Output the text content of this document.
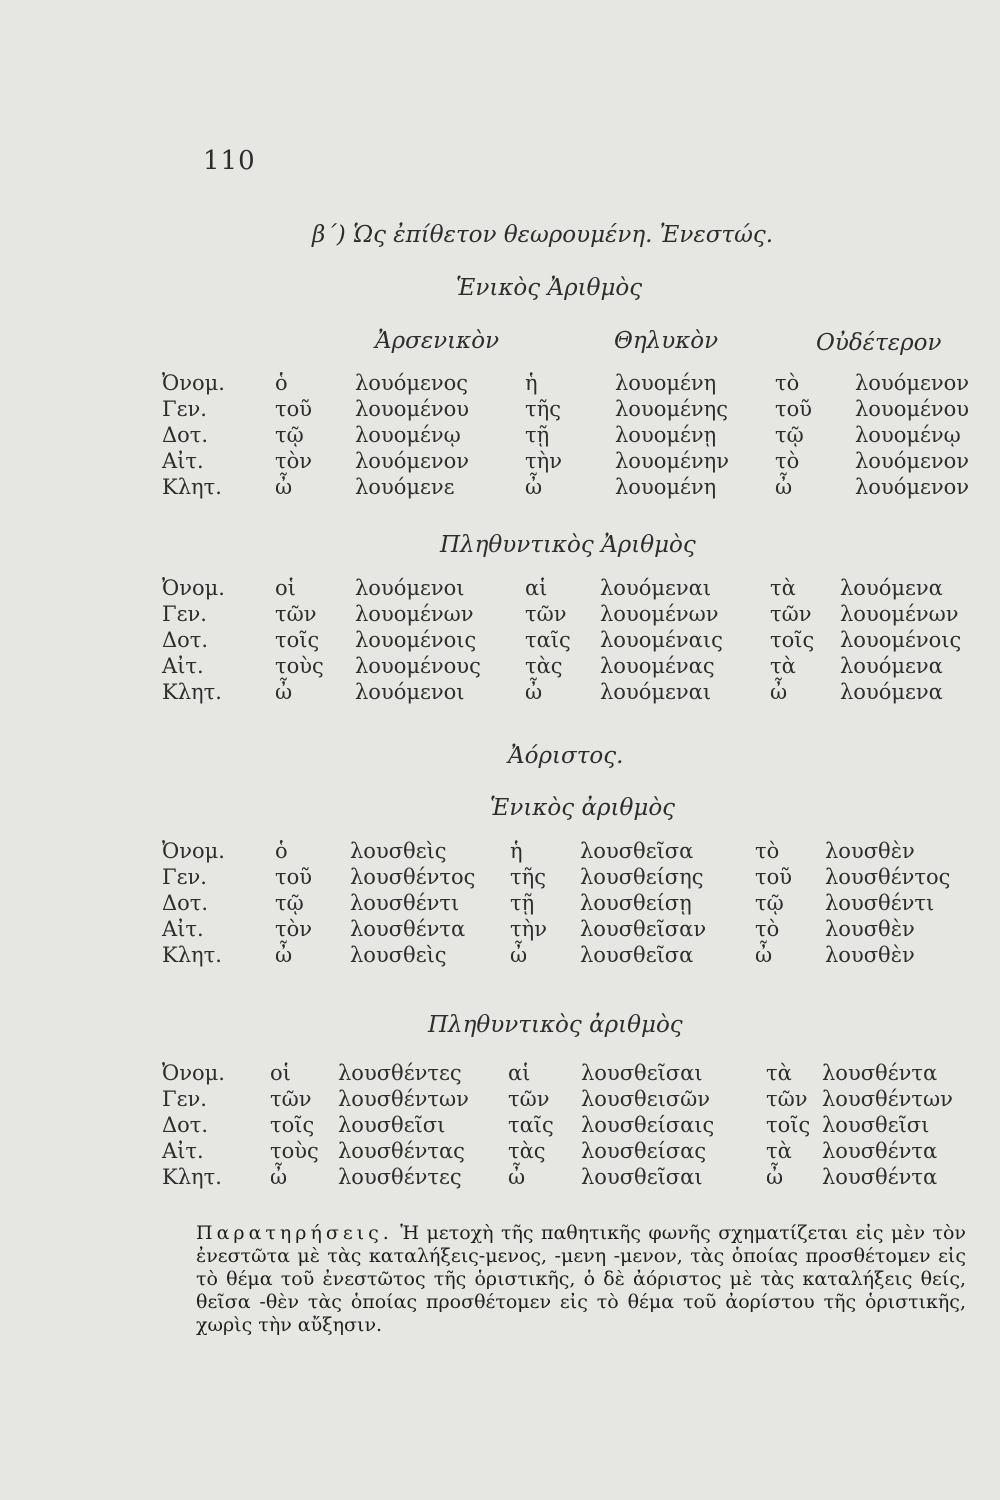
110
β΄) Ὡς ἐπίθετον θεωρουμένη. Ἐνεστώς.
Ἑνικὸς Ἀριθμὸς
Ἀρσενικὸν	Θηλυκὸν	Οὐδέτερον
Ὀνομ.	ὁ	λουόμενος	ἡ	λουομένη	τὸ	λουόμενον
Γεν.	τοῦ	λουομένου	τῆς	λουομένης	τοῦ	λουομένου
Δοτ.	τῷ	λουομένῳ	τῇ	λουομένῃ	τῷ	λουομένῳ
Αἰτ.	τὸν	λουόμενον	τὴν	λουομένην	τὸ	λουόμενον
Κλητ.	ὦ	λουόμενε	ὦ	λουομένη	ὦ	λουόμενον
Πληθυντικὸς Ἀριθμὸς
Ὀνομ.	οἱ	λουόμενοι	αἱ	λουόμεναι	τὰ	λουόμενα
Γεν.	τῶν	λουομένων	τῶν	λουομένων	τῶν	λουομένων
Δοτ.	τοῖς	λουομένοις	ταῖς	λουομέναις	τοῖς	λουομένοις
Αἰτ.	τοὺς	λουομένους	τὰς	λουομένας	τὰ	λουόμενα
Κλητ.	ὦ	λουόμενοι	ὦ	λουόμεναι	ὦ	λουόμενα
Ἀόριστος.
Ἑνικὸς ἀριθμὸς
Ὀνομ.	ὁ	λουσθεὶς	ἡ	λουσθεῖσα	τὸ	λουσθὲν
Γεν.	τοῦ	λουσθέντος	τῆς	λουσθείσης	τοῦ	λουσθέντος
Δοτ.	τῷ	λουσθέντι	τῇ	λουσθείσῃ	τῷ	λουσθέντι
Αἰτ.	τὸν	λουσθέντα	τὴν	λουσθεῖσαν	τὸ	λουσθὲν
Κλητ.	ὦ	λουσθεὶς	ὦ	λουσθεῖσα	ὦ	λουσθὲν
Πληθυντικὸς ἀριθμὸς
Ὀνομ.	οἱ	λουσθέντες	αἱ	λουσθεῖσαι	τὰ	λουσθέντα
Γεν.	τῶν	λουσθέντων	τῶν	λουσθεισῶν	τῶν	λουσθέντων
Δοτ.	τοῖς	λουσθεῖσι	ταῖς	λουσθείσαις	τοῖς	λουσθεῖσι
Αἰτ.	τοὺς	λουσθέντας	τὰς	λουσθείσας	τὰ	λουσθέντα
Κλητ.	ὦ	λουσθέντες	ὦ	λουσθεῖσαι	ὦ	λουσθέντα
Παρατηρήσεις. Ἡ μετοχὴ τῆς παθητικῆς φωνῆς σχηματίζεται εἰς μὲν τὸν ἐνεστῶτα μὲ τὰς καταλήξεις-μενος, -μενη -μενον, τὰς ὁποίας προσθέτομεν εἰς τὸ θέμα τοῦ ἐνεστῶτος τῆς ὁριστικῆς, ὁ δὲ ἀόριστος μὲ τὰς καταλήξεις θείς, θεῖσα -θὲν τὰς ὁποίας προσθέτομεν εἰς τὸ θέμα τοῦ ἀορίστου τῆς ὁριστικῆς, χωρὶς τὴν αὔξησιν.
